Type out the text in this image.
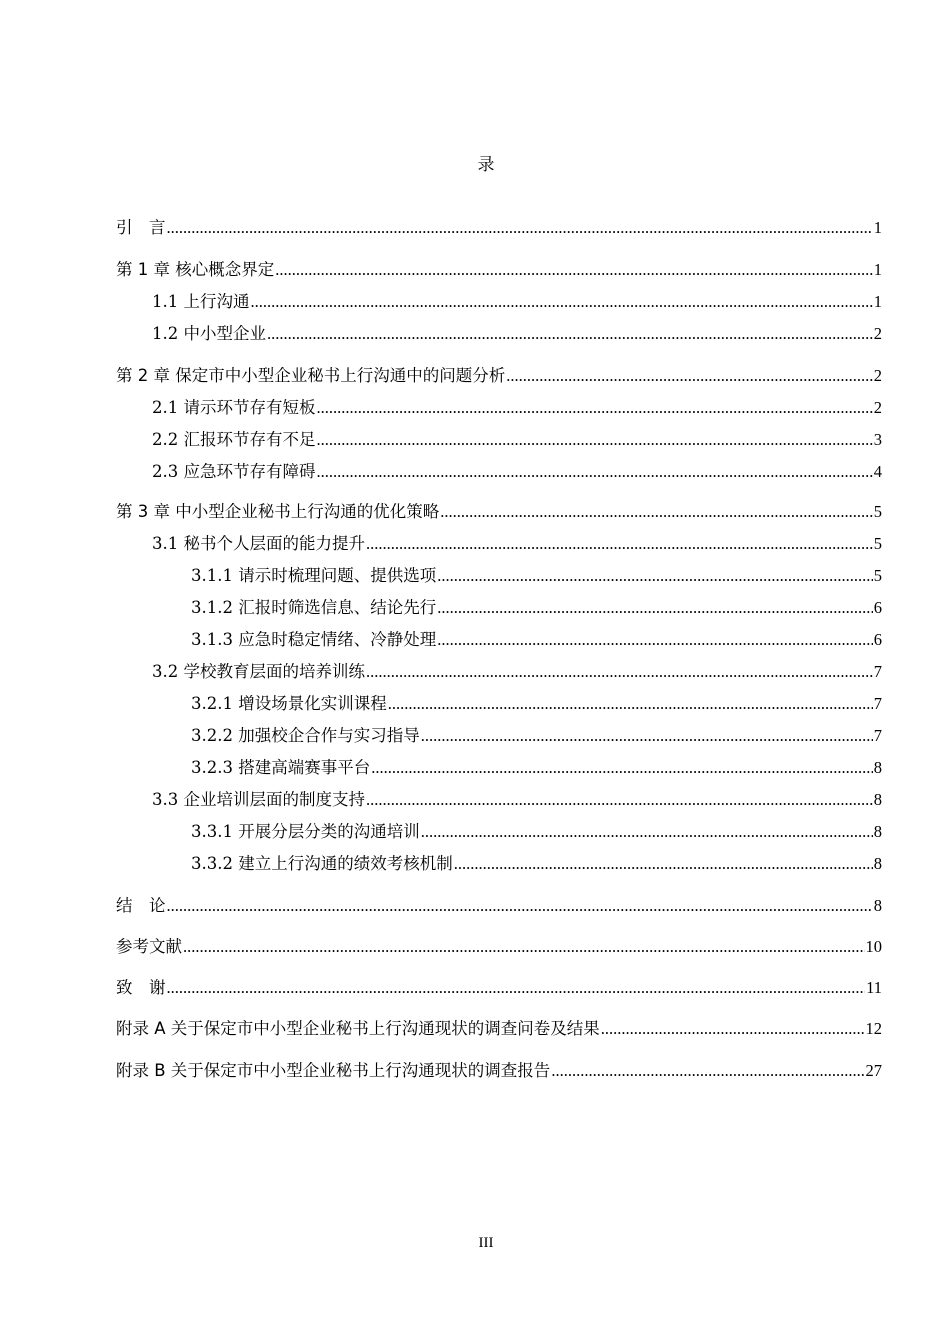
录
引　言 .....	1
第 1 章 核心概念界定 .....	1
1.1 上行沟通 .....	1
1.2 中小型企业 .....	2
第 2 章 保定市中小型企业秘书上行沟通中的问题分析 .....	2
2.1 请示环节存有短板 .....	2
2.2 汇报环节存有不足 .....	3
2.3 应急环节存有障碍 .....	4
第 3 章 中小型企业秘书上行沟通的优化策略 .....	5
3.1 秘书个人层面的能力提升 .....	5
3.1.1 请示时梳理问题、提供选项 .....	5
3.1.2 汇报时筛选信息、结论先行 .....	6
3.1.3 应急时稳定情绪、冷静处理 .....	6
3.2 学校教育层面的培养训练 .....	7
3.2.1 增设场景化实训课程 .....	7
3.2.2 加强校企合作与实习指导 .....	7
3.2.3 搭建高端赛事平台 .....	8
3.3 企业培训层面的制度支持 .....	8
3.3.1 开展分层分类的沟通培训 .....	8
3.3.2 建立上行沟通的绩效考核机制 .....	8
结　论 .....	8
参考文献 .....	10
致　谢 .....	11
附录 A 关于保定市中小型企业秘书上行沟通现状的调查问卷及结果 .....	12
附录 B 关于保定市中小型企业秘书上行沟通现状的调查报告 .....	27
III
